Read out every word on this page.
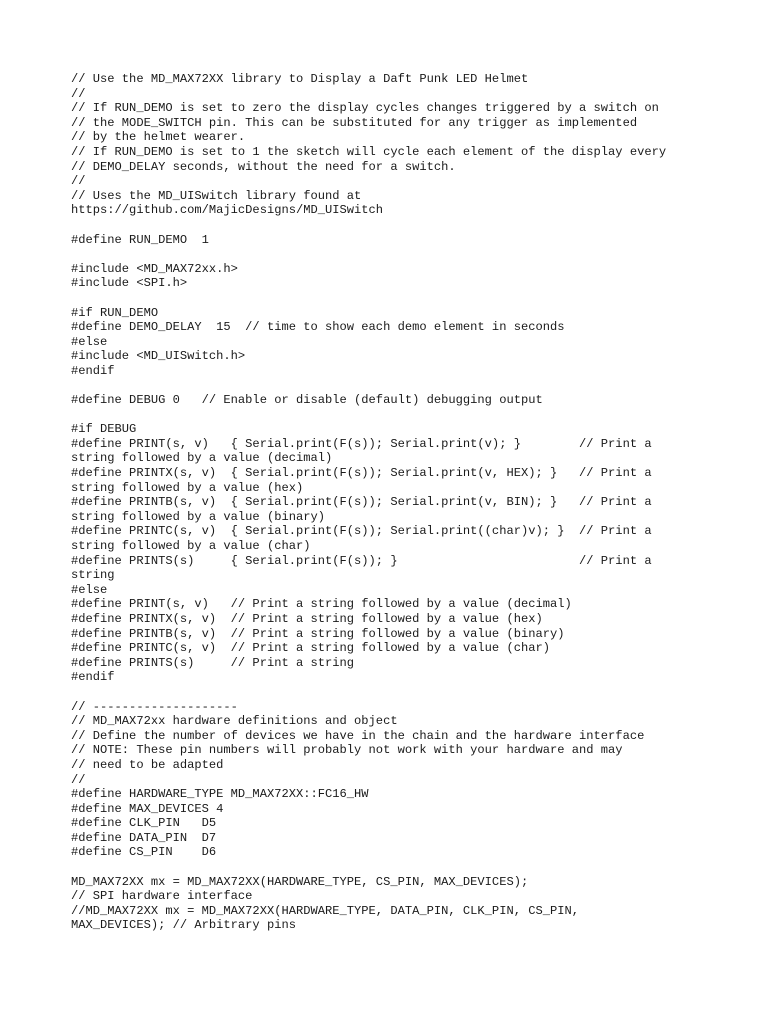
// Use the MD_MAX72XX library to Display a Daft Punk LED Helmet
//
// If RUN_DEMO is set to zero the display cycles changes triggered by a switch on
// the MODE_SWITCH pin. This can be substituted for any trigger as implemented
// by the helmet wearer.
// If RUN_DEMO is set to 1 the sketch will cycle each element of the display every
// DEMO_DELAY seconds, without the need for a switch.
//
// Uses the MD_UISwitch library found at
https://github.com/MajicDesigns/MD_UISwitch
#define RUN_DEMO  1
#include <MD_MAX72xx.h>
#include <SPI.h>
#if RUN_DEMO
#define DEMO_DELAY  15  // time to show each demo element in seconds
#else
#include <MD_UISwitch.h>
#endif
#define DEBUG 0   // Enable or disable (default) debugging output
#if DEBUG
#define PRINT(s, v)   { Serial.print(F(s)); Serial.print(v); }        // Print a
string followed by a value (decimal)
#define PRINTX(s, v)  { Serial.print(F(s)); Serial.print(v, HEX); }   // Print a
string followed by a value (hex)
#define PRINTB(s, v)  { Serial.print(F(s)); Serial.print(v, BIN); }   // Print a
string followed by a value (binary)
#define PRINTC(s, v)  { Serial.print(F(s)); Serial.print((char)v); }  // Print a
string followed by a value (char)
#define PRINTS(s)     { Serial.print(F(s)); }                         // Print a
string
#else
#define PRINT(s, v)   // Print a string followed by a value (decimal)
#define PRINTX(s, v)  // Print a string followed by a value (hex)
#define PRINTB(s, v)  // Print a string followed by a value (binary)
#define PRINTC(s, v)  // Print a string followed by a value (char)
#define PRINTS(s)     // Print a string
#endif
// --------------------
// MD_MAX72xx hardware definitions and object
// Define the number of devices we have in the chain and the hardware interface
// NOTE: These pin numbers will probably not work with your hardware and may
// need to be adapted
//
#define HARDWARE_TYPE MD_MAX72XX::FC16_HW
#define MAX_DEVICES 4
#define CLK_PIN   D5
#define DATA_PIN  D7
#define CS_PIN    D6
MD_MAX72XX mx = MD_MAX72XX(HARDWARE_TYPE, CS_PIN, MAX_DEVICES);
// SPI hardware interface
//MD_MAX72XX mx = MD_MAX72XX(HARDWARE_TYPE, DATA_PIN, CLK_PIN, CS_PIN,
MAX_DEVICES); // Arbitrary pins
